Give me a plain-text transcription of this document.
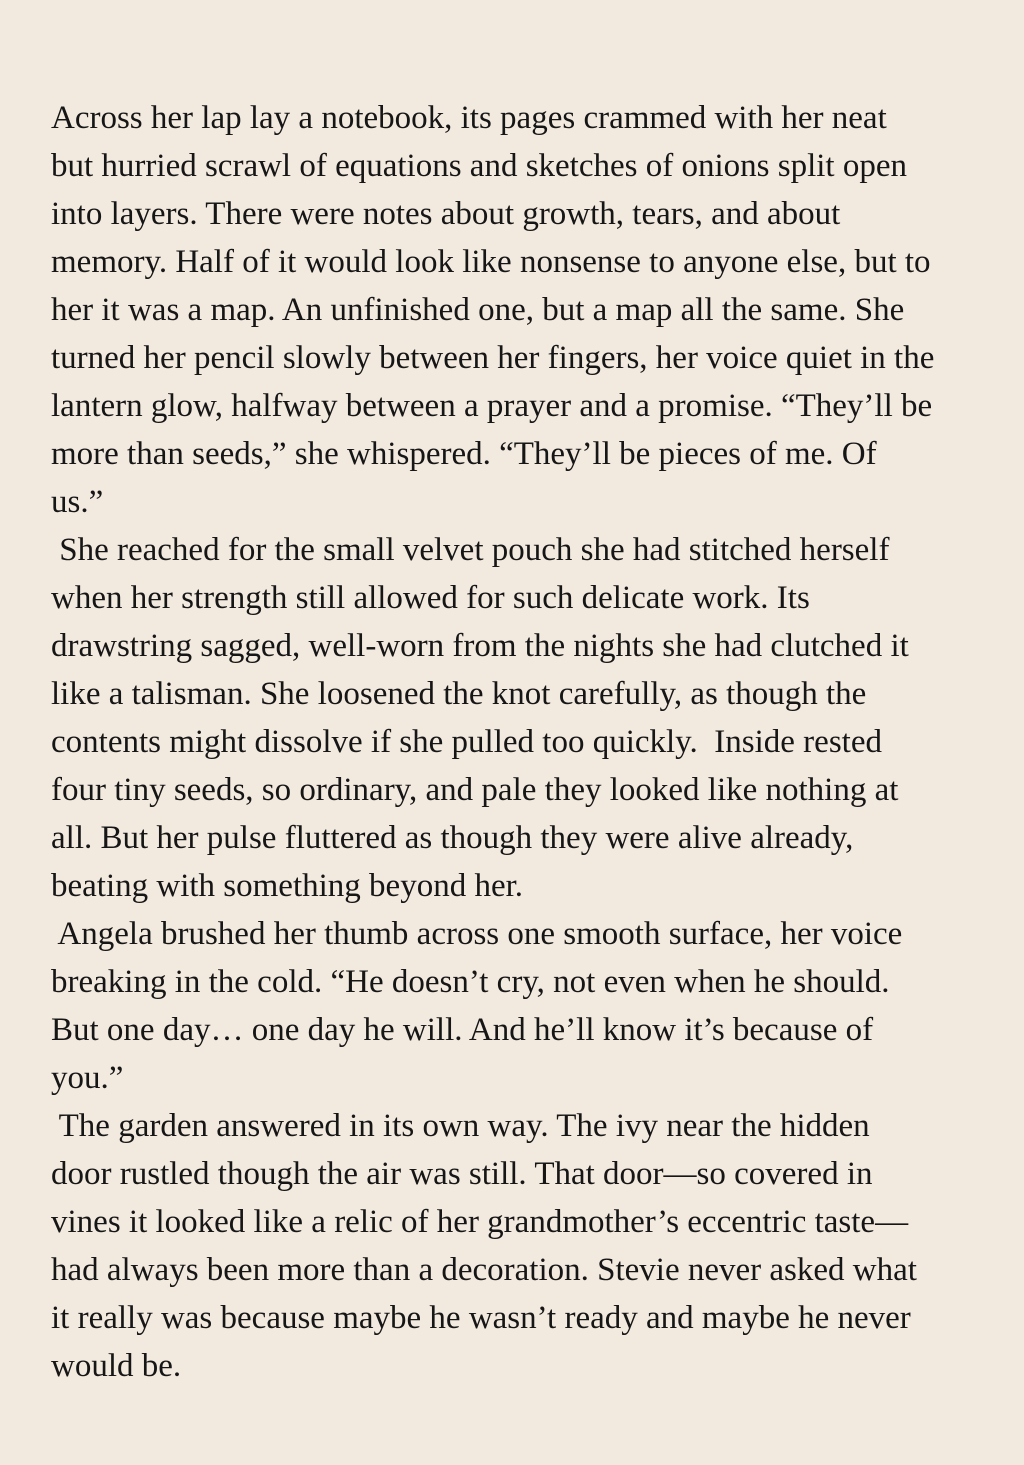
Across her lap lay a notebook, its pages crammed with her neat
but hurried scrawl of equations and sketches of onions split open
into layers. There were notes about growth, tears, and about
memory. Half of it would look like nonsense to anyone else, but to
her it was a map. An unfinished one, but a map all the same. She
turned her pencil slowly between her fingers, her voice quiet in the
lantern glow, halfway between a prayer and a promise. “They’ll be
more than seeds,” she whispered. “They’ll be pieces of me. Of
us.”
She reached for the small velvet pouch she had stitched herself
when her strength still allowed for such delicate work. Its
drawstring sagged, well-worn from the nights she had clutched it
like a talisman. She loosened the knot carefully, as though the
contents might dissolve if she pulled too quickly.  Inside rested
four tiny seeds, so ordinary, and pale they looked like nothing at
all. But her pulse fluttered as though they were alive already,
beating with something beyond her.
Angela brushed her thumb across one smooth surface, her voice
breaking in the cold. “He doesn’t cry, not even when he should.
But one day… one day he will. And he’ll know it’s because of
you.”
The garden answered in its own way. The ivy near the hidden
door rustled though the air was still. That door—so covered in
vines it looked like a relic of her grandmother’s eccentric taste—
had always been more than a decoration. Stevie never asked what
it really was because maybe he wasn’t ready and maybe he never
would be.
